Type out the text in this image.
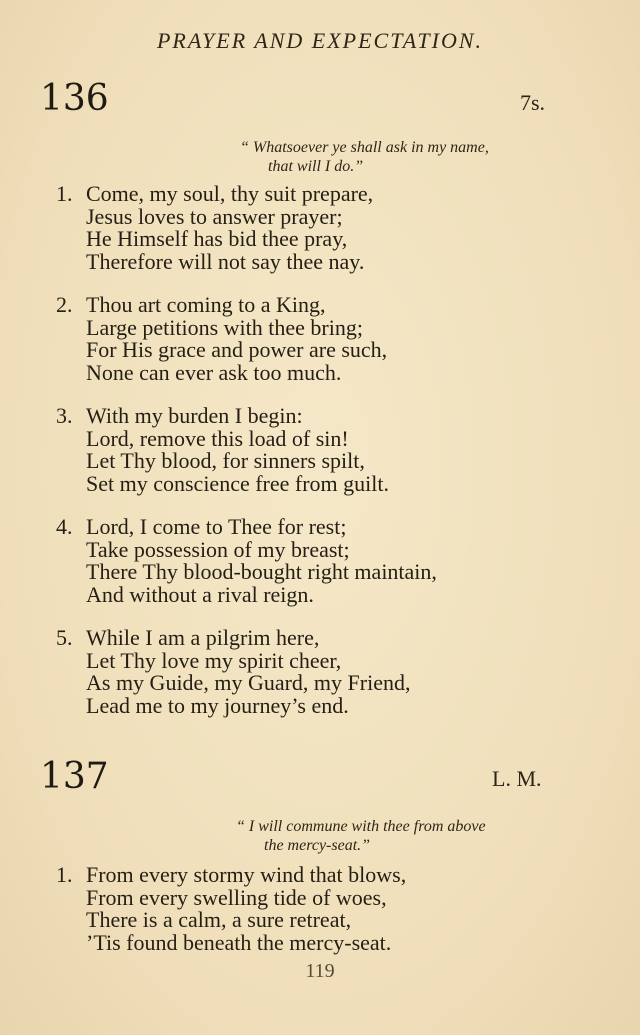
PRAYER AND EXPECTATION.
136	7s.
“ Whatsoever ye shall ask in my name,
that will I do.”
1. Come, my soul, thy suit prepare,
Jesus loves to answer prayer;
He Himself has bid thee pray,
Therefore will not say thee nay.
2. Thou art coming to a King,
Large petitions with thee bring;
For His grace and power are such,
None can ever ask too much.
3. With my burden I begin:
Lord, remove this load of sin!
Let Thy blood, for sinners spilt,
Set my conscience free from guilt.
4. Lord, I come to Thee for rest;
Take possession of my breast;
There Thy blood-bought right maintain,
And without a rival reign.
5. While I am a pilgrim here,
Let Thy love my spirit cheer,
As my Guide, my Guard, my Friend,
Lead me to my journey’s end.
137	L. M.
“ I will commune with thee from above
the mercy-seat.”
1. From every stormy wind that blows,
From every swelling tide of woes,
There is a calm, a sure retreat,
’Tis found beneath the mercy-seat.
119
